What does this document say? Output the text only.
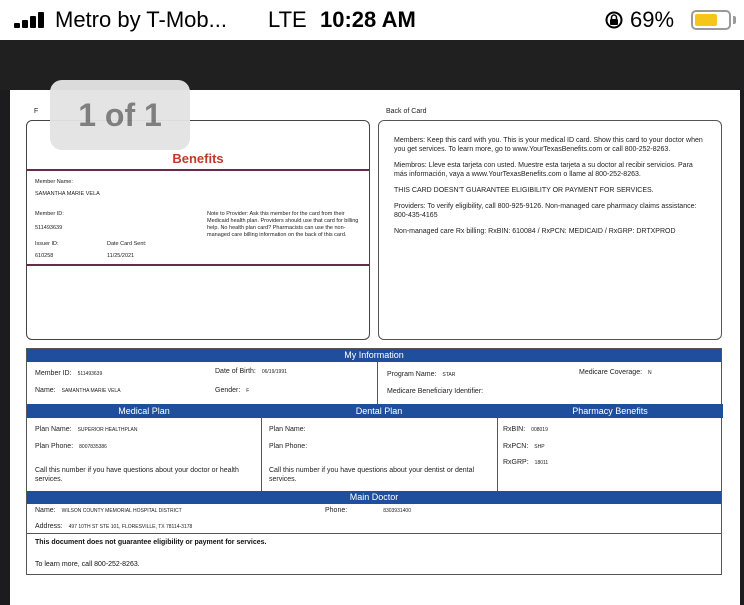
Metro by T-Mob... LTE 10:28 AM	69%
1 of 1
F	Back of Card
Benefits
Member Name:
SAMANTHA MARIE VELA
Member ID:
511493639
Issuer ID:
610258
Date Card Sent:
11/25/2021
Note to Provider: Ask this member for the card from their Medicaid health plan. Providers should use that card for billing help. No health plan card? Pharmacists can use the non-managed care billing information on the back of this card.

Members: Keep this card with you. This is your medical ID card. Show this card to your doctor when you get services. To learn more, go to www.YourTexasBenefits.com or call 800-252-8263.

Miembros: Lleve esta tarjeta con usted. Muestre esta tarjeta a su doctor al recibir servicios. Para más información, vaya a www.YourTexasBenefits.com o llame al 800-252-8263.

THIS CARD DOESN'T GUARANTEE ELIGIBILITY OR PAYMENT FOR SERVICES.

Providers: To verify eligibility, call 800-925-9126. Non-managed care pharmacy claims assistance: 800-435-4165

Non-managed care Rx billing: RxBIN: 610084 / RxPCN: MEDICAID / RxGRP: DRTXPROD

My Information
Member ID: 511493639	Date of Birth: 06/19/1991	Program Name: STAR	Medicare Coverage: N
Name: SAMANTHA MARIE VELA	Gender: F	Medicare Beneficiary Identifier:
Medical Plan	Dental Plan	Pharmacy Benefits
Plan Name: SUPERIOR HEALTHPLAN
Plan Phone: 8007835386
Call this number if you have questions about your doctor or health services.
Plan Name:
Plan Phone:
Call this number if you have questions about your dentist or dental services.
RxBIN: 008019
RxPCN: SHP
RxGRP: 18011
Main Doctor
Name: WILSON COUNTY MEMORIAL HOSPITAL DISTRICT	Phone:	8303931400
Address: 497 10TH ST STE 101, FLORESVILLE, TX 78114-3178
This document does not guarantee eligibility or payment for services.
To learn more, call 800-252-8263.
